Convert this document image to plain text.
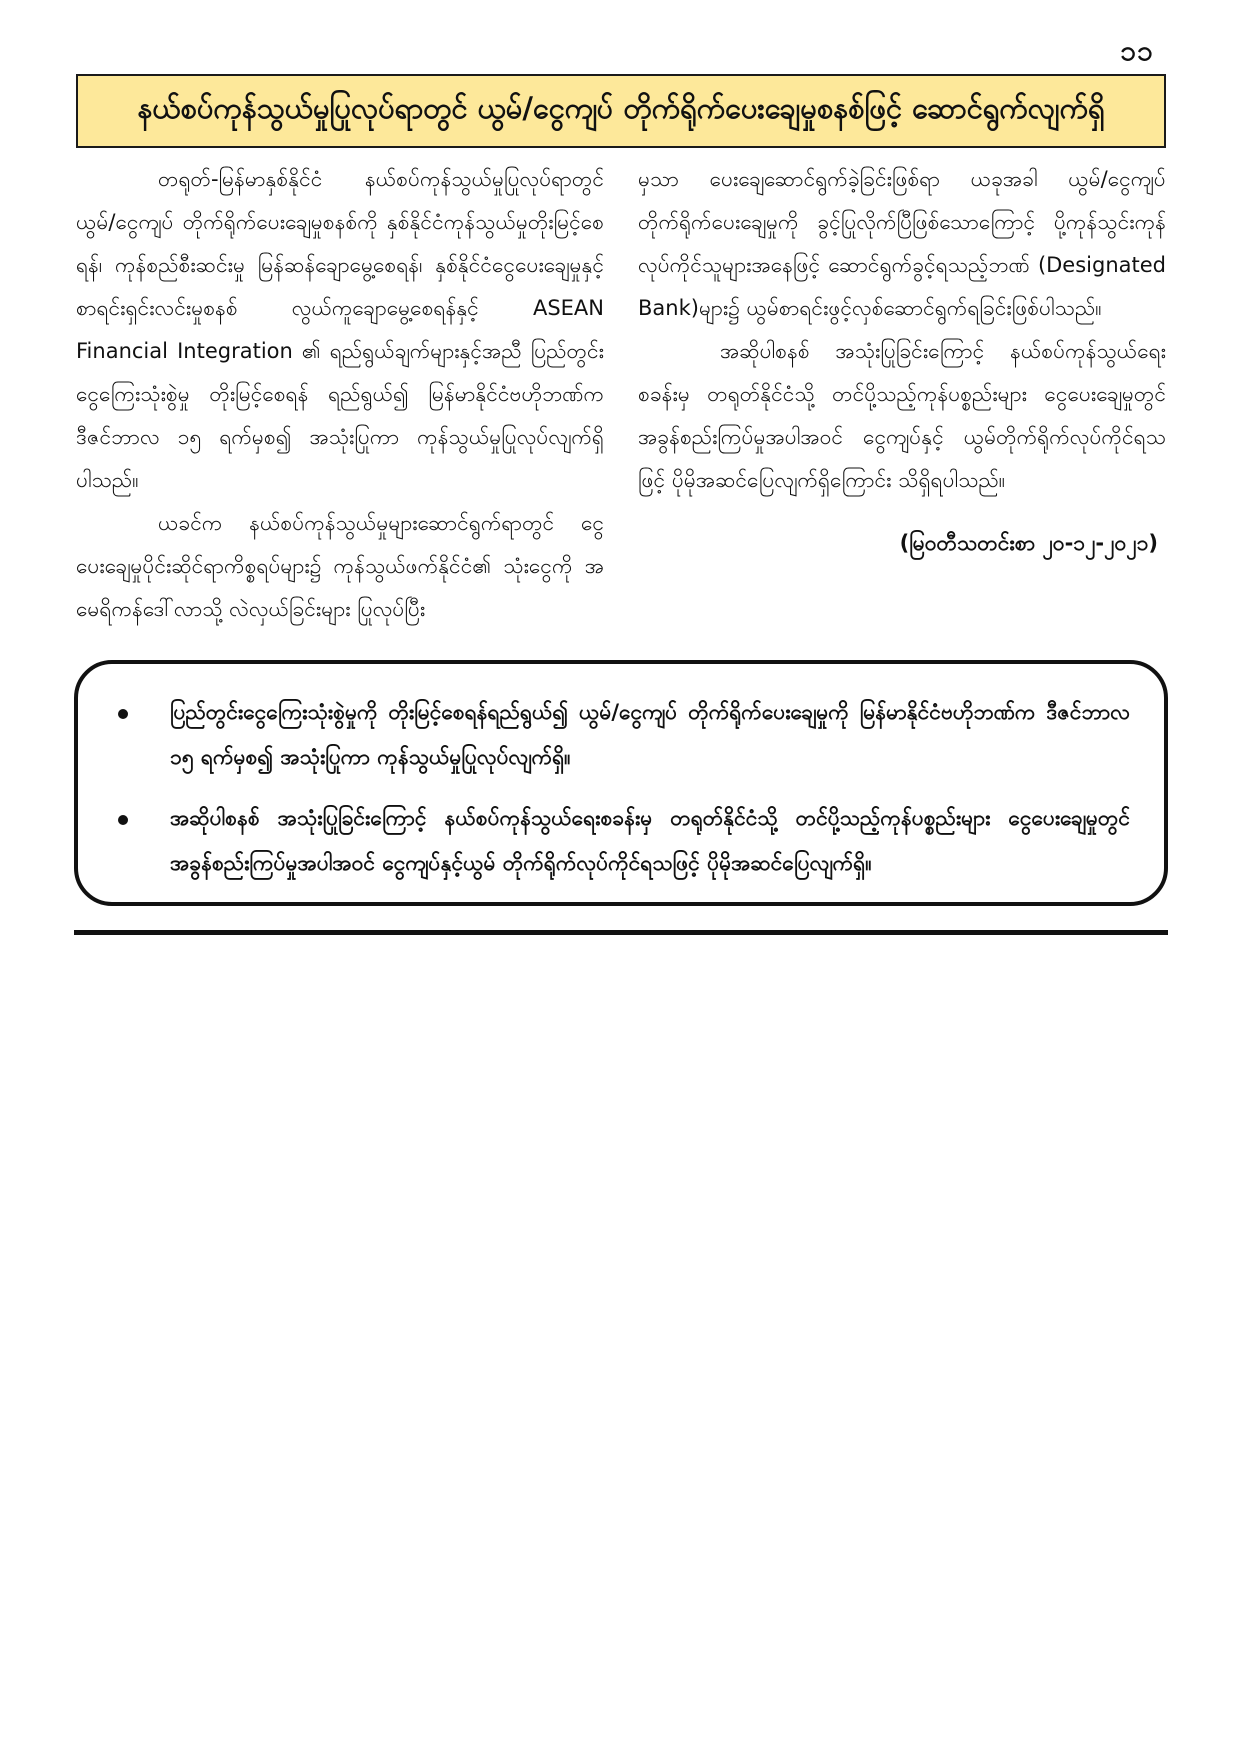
၁၁
နယ်စပ်ကုန်သွယ်မှုပြုလုပ်ရာတွင် ယွမ်/ငွေကျပ် တိုက်ရိုက်ပေးချေမှုစနစ်ဖြင့် ဆောင်ရွက်လျက်ရှိ

တရုတ်-မြန်မာနှစ်နိုင်ငံ နယ်စပ်ကုန်သွယ်မှုပြုလုပ်ရာတွင် ယွမ်/ငွေကျပ် တိုက်ရိုက်ပေးချေမှုစနစ်ကို နှစ်နိုင်ငံကုန်သွယ်မှုတိုးမြင့်စေရန်၊ ကုန်စည်စီးဆင်းမှု မြန်ဆန်ချောမွေ့စေရန်၊ နှစ်နိုင်ငံငွေပေးချေမှုနှင့် စာရင်းရှင်းလင်းမှုစနစ် လွယ်ကူချောမွေ့စေရန်နှင့် ASEAN Financial Integration ၏ ရည်ရွယ်ချက်များနှင့်အညီ ပြည်တွင်းငွေကြေးသုံးစွဲမှု တိုးမြင့်စေရန် ရည်ရွယ်၍ မြန်မာနိုင်ငံဗဟိုဘဏ်က ဒီဇင်ဘာလ ၁၅ ရက်မှစ၍ အသုံးပြုကာ ကုန်သွယ်မှုပြုလုပ်လျက်ရှိပါသည်။

ယခင်က နယ်စပ်ကုန်သွယ်မှုများဆောင်ရွက်ရာတွင် ငွေပေးချေမှုပိုင်းဆိုင်ရာကိစ္စရပ်များ၌ ကုန်သွယ်ဖက်နိုင်ငံ၏ သုံးငွေကို အမေရိကန်ဒေါ်လာသို့ လဲလှယ်ခြင်းများ ပြုလုပ်ပြီး

မှသာ ပေးချေဆောင်ရွက်ခဲ့ခြင်းဖြစ်ရာ ယခုအခါ ယွမ်/ငွေကျပ် တိုက်ရိုက်ပေးချေမှုကို ခွင့်ပြုလိုက်ပြီဖြစ်သောကြောင့် ပို့ကုန်သွင်းကုန်လုပ်ကိုင်သူများအနေဖြင့် ဆောင်ရွက်ခွင့်ရသည့်ဘဏ် (Designated Bank)များ၌ ယွမ်စာရင်းဖွင့်လှစ်ဆောင်ရွက်ရခြင်းဖြစ်ပါသည်။

အဆိုပါစနစ် အသုံးပြုခြင်းကြောင့် နယ်စပ်ကုန်သွယ်ရေးစခန်းမှ တရုတ်နိုင်ငံသို့ တင်ပို့သည့်ကုန်ပစ္စည်းများ ငွေပေးချေမှုတွင် အခွန်စည်းကြပ်မှုအပါအဝင် ငွေကျပ်နှင့် ယွမ်တိုက်ရိုက်လုပ်ကိုင်ရသဖြင့် ပိုမိုအဆင်ပြေလျက်ရှိကြောင်း သိရှိရပါသည်။

(မြဝတီသတင်းစာ ၂၀-၁၂-၂၀၂၁)
ပြည်တွင်းငွေကြေးသုံးစွဲမှုကို တိုးမြင့်စေရန်ရည်ရွယ်၍ ယွမ်/ငွေကျပ် တိုက်ရိုက်ပေးချေမှုကို မြန်မာနိုင်ငံဗဟိုဘဏ်က ဒီဇင်ဘာလ ၁၅ ရက်မှစ၍ အသုံးပြုကာ ကုန်သွယ်မှုပြုလုပ်လျက်ရှိ။
အဆိုပါစနစ် အသုံးပြုခြင်းကြောင့် နယ်စပ်ကုန်သွယ်ရေးစခန်းမှ တရုတ်နိုင်ငံသို့ တင်ပို့သည့်ကုန်ပစ္စည်းများ ငွေပေးချေမှုတွင် အခွန်စည်းကြပ်မှုအပါအဝင် ငွေကျပ်နှင့်ယွမ် တိုက်ရိုက်လုပ်ကိုင်ရသဖြင့် ပိုမိုအဆင်ပြေလျက်ရှိ။
